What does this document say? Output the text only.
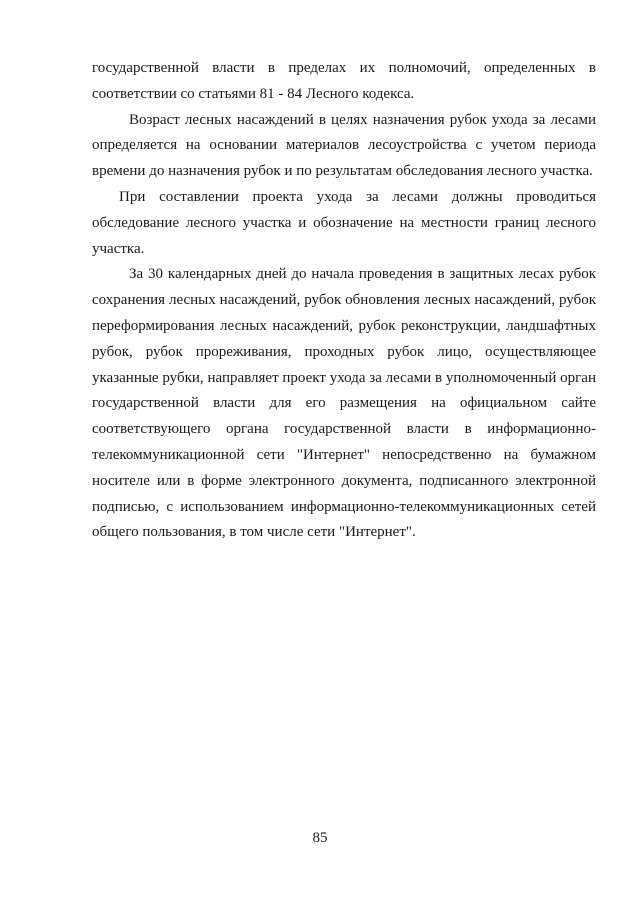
государственной власти в пределах их полномочий, определенных в соответствии со статьями 81 - 84 Лесного кодекса.

Возраст лесных насаждений в целях назначения рубок ухода за лесами определяется на основании материалов лесоустройства с учетом периода времени до назначения рубок и по результатам обследования лесного участка.

При составлении проекта ухода за лесами должны проводиться обследование лесного участка и обозначение на местности границ лесного участка.

За 30 календарных дней до начала проведения в защитных лесах рубок сохранения лесных насаждений, рубок обновления лесных насаждений, рубок переформирования лесных насаждений, рубок реконструкции, ландшафтных рубок, рубок прореживания, проходных рубок лицо, осуществляющее указанные рубки, направляет проект ухода за лесами в уполномоченный орган государственной власти для его размещения на официальном сайте соответствующего органа государственной власти в информационно-телекоммуникационной сети "Интернет" непосредственно на бумажном носителе или в форме электронного документа, подписанного электронной подписью, с использованием информационно-телекоммуникационных сетей общего пользования, в том числе сети "Интернет".

85
